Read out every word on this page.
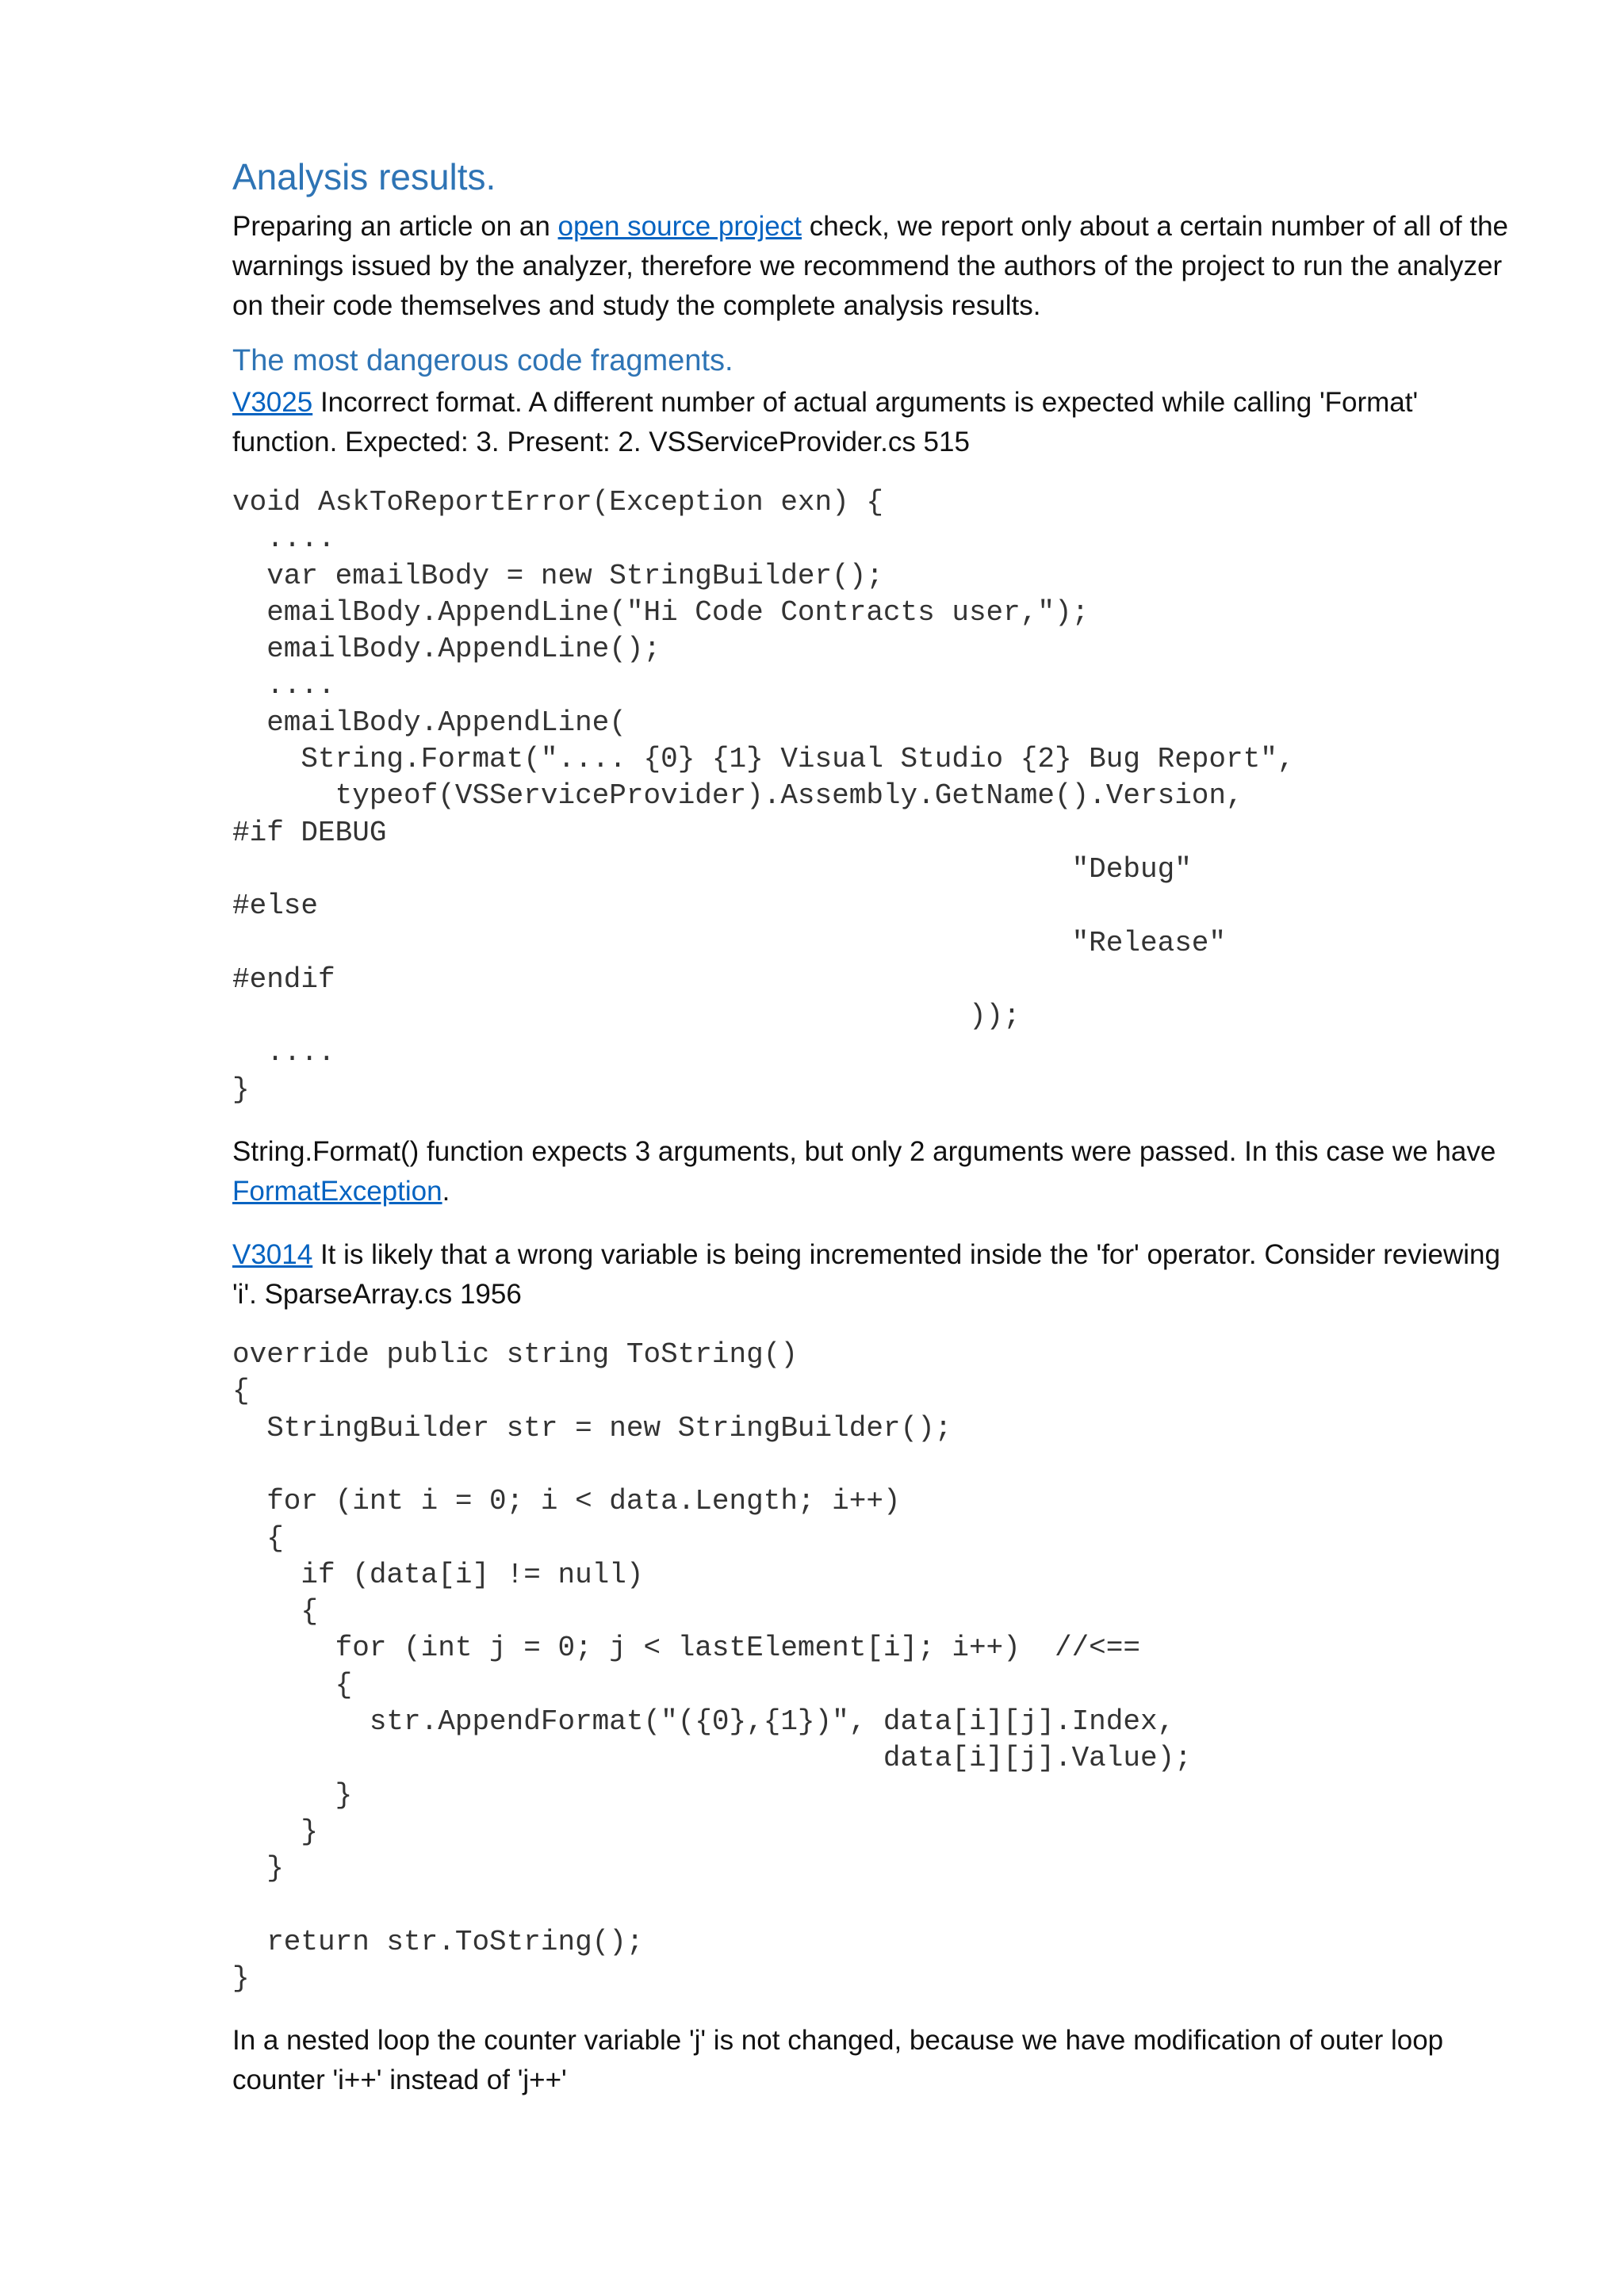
Analysis results.

Preparing an article on an open source project check, we report only about a certain number of all of the warnings issued by the analyzer, therefore we recommend the authors of the project to run the analyzer on their code themselves and study the complete analysis results.

The most dangerous code fragments.

V3025 Incorrect format. A different number of actual arguments is expected while calling 'Format' function. Expected: 3. Present: 2. VSServiceProvider.cs 515

void AskToReportError(Exception exn) {
....
var emailBody = new StringBuilder();
emailBody.AppendLine("Hi Code Contracts user,");
emailBody.AppendLine();
....
emailBody.AppendLine(
String.Format(".... {0} {1} Visual Studio {2} Bug Report",
typeof(VSServiceProvider).Assembly.GetName().Version,
#if DEBUG
"Debug"
#else
"Release"
#endif
));
....
}

String.Format() function expects 3 arguments, but only 2 arguments were passed. In this case we have FormatException.

V3014 It is likely that a wrong variable is being incremented inside the 'for' operator. Consider reviewing 'i'. SparseArray.cs 1956

override public string ToString()
{
StringBuilder str = new StringBuilder();
for (int i = 0; i < data.Length; i++)
{
if (data[i] != null)
{
for (int j = 0; j < lastElement[i]; i++)  //<==
{
str.AppendFormat("({0},{1})", data[i][j].Index,
data[i][j].Value);
}
}
}
return str.ToString();
}

In a nested loop the counter variable 'j' is not changed, because we have modification of outer loop counter 'i++' instead of 'j++'
